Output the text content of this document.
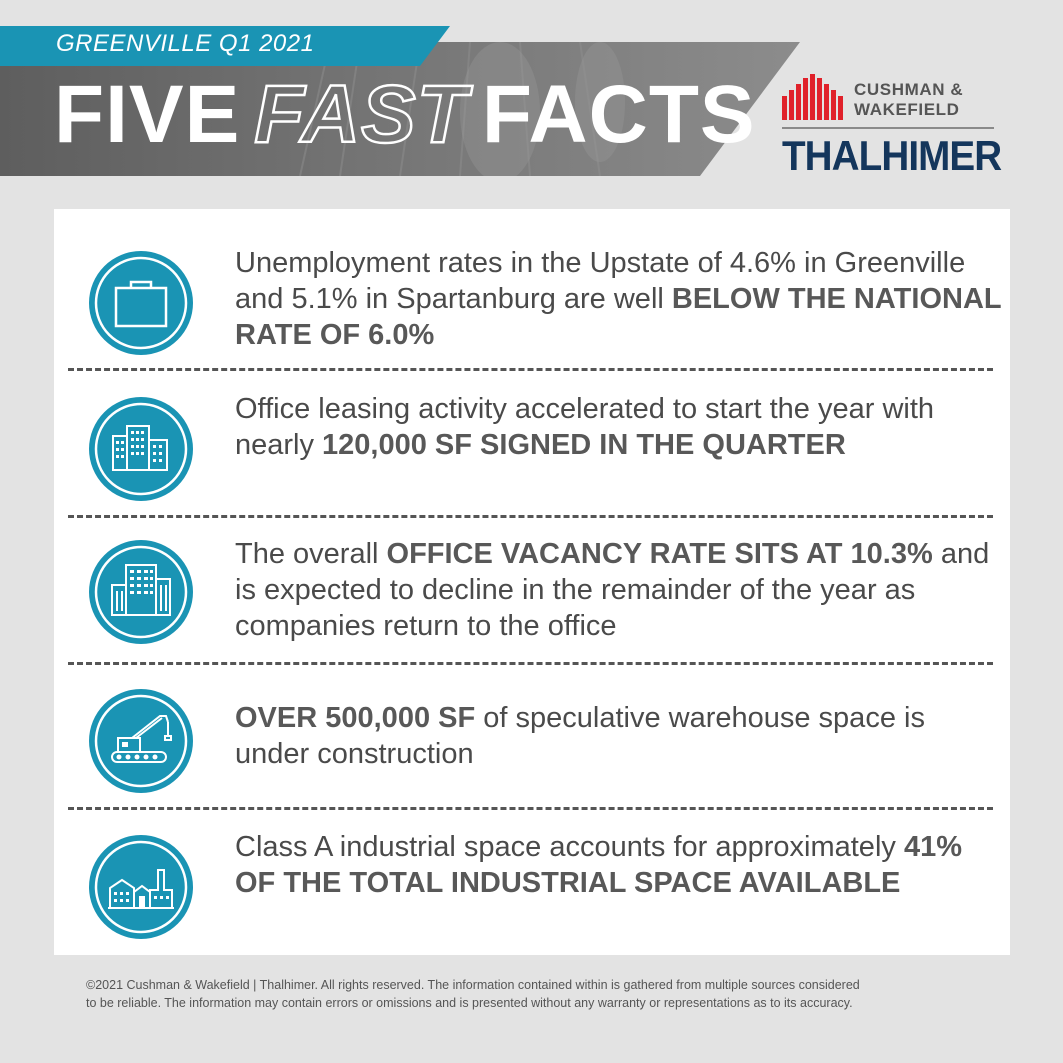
GREENVILLE Q1 2021
FIVE FAST FACTS	CUSHMAN &
WAKEFIELD
THALHIMER
Unemployment rates in the Upstate of 4.6% in Greenville and 5.1% in Spartanburg are well BELOW THE NATIONAL RATE OF 6.0%
Office leasing activity accelerated to start the year with nearly 120,000 SF SIGNED IN THE QUARTER
The overall OFFICE VACANCY RATE SITS AT 10.3% and is expected to decline in the remainder of the year as companies return to the office
OVER 500,000 SF of speculative warehouse space is under construction
Class A industrial space accounts for approximately 41% OF THE TOTAL INDUSTRIAL SPACE AVAILABLE
©2021 Cushman & Wakefield | Thalhimer. All rights reserved. The information contained within is gathered from multiple sources considered
to be reliable. The information may contain errors or omissions and is presented without any warranty or representations as to its accuracy.
